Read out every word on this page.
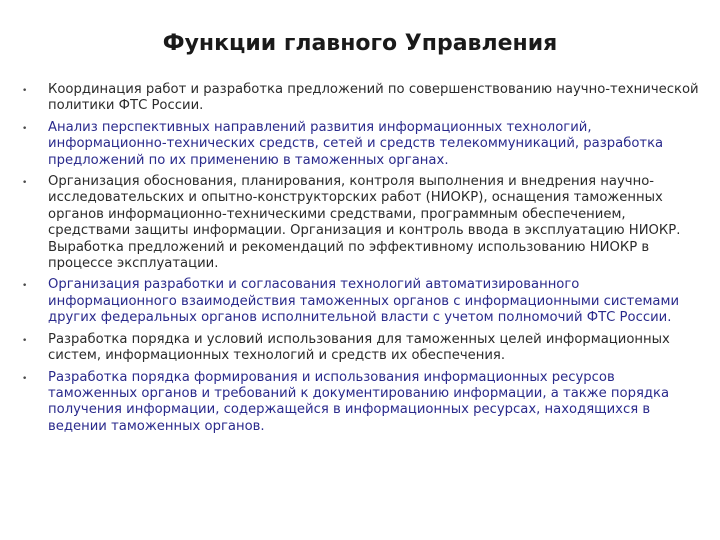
Функции главного Управления
•	Координация работ и разработка предложений по совершенствованию научно-технической политики ФТС России.
•	Анализ перспективных направлений развития информационных технологий, информационно-технических средств, сетей и средств телекоммуникаций, разработка предложений по их применению в таможенных органах.
•	Организация обоснования, планирования, контроля выполнения и внедрения научно-исследовательских и опытно-конструкторских работ (НИОКР), оснащения таможенных органов информационно-техническими средствами, программным обеспечением, средствами защиты информации. Организация и контроль ввода в эксплуатацию НИОКР. Выработка предложений и рекомендаций по эффективному использованию НИОКР в процессе эксплуатации.
•	Организация разработки и согласования технологий автоматизированного информационного взаимодействия таможенных органов с информационными системами других федеральных органов исполнительной власти с учетом полномочий ФТС России.
•	Разработка порядка и условий использования для таможенных целей информационных систем, информационных технологий и средств их обеспечения.
•	Разработка порядка формирования и использования информационных ресурсов таможенных органов и требований к документированию информации, а также порядка получения информации, содержащейся в информационных ресурсах, находящихся в ведении таможенных органов.
